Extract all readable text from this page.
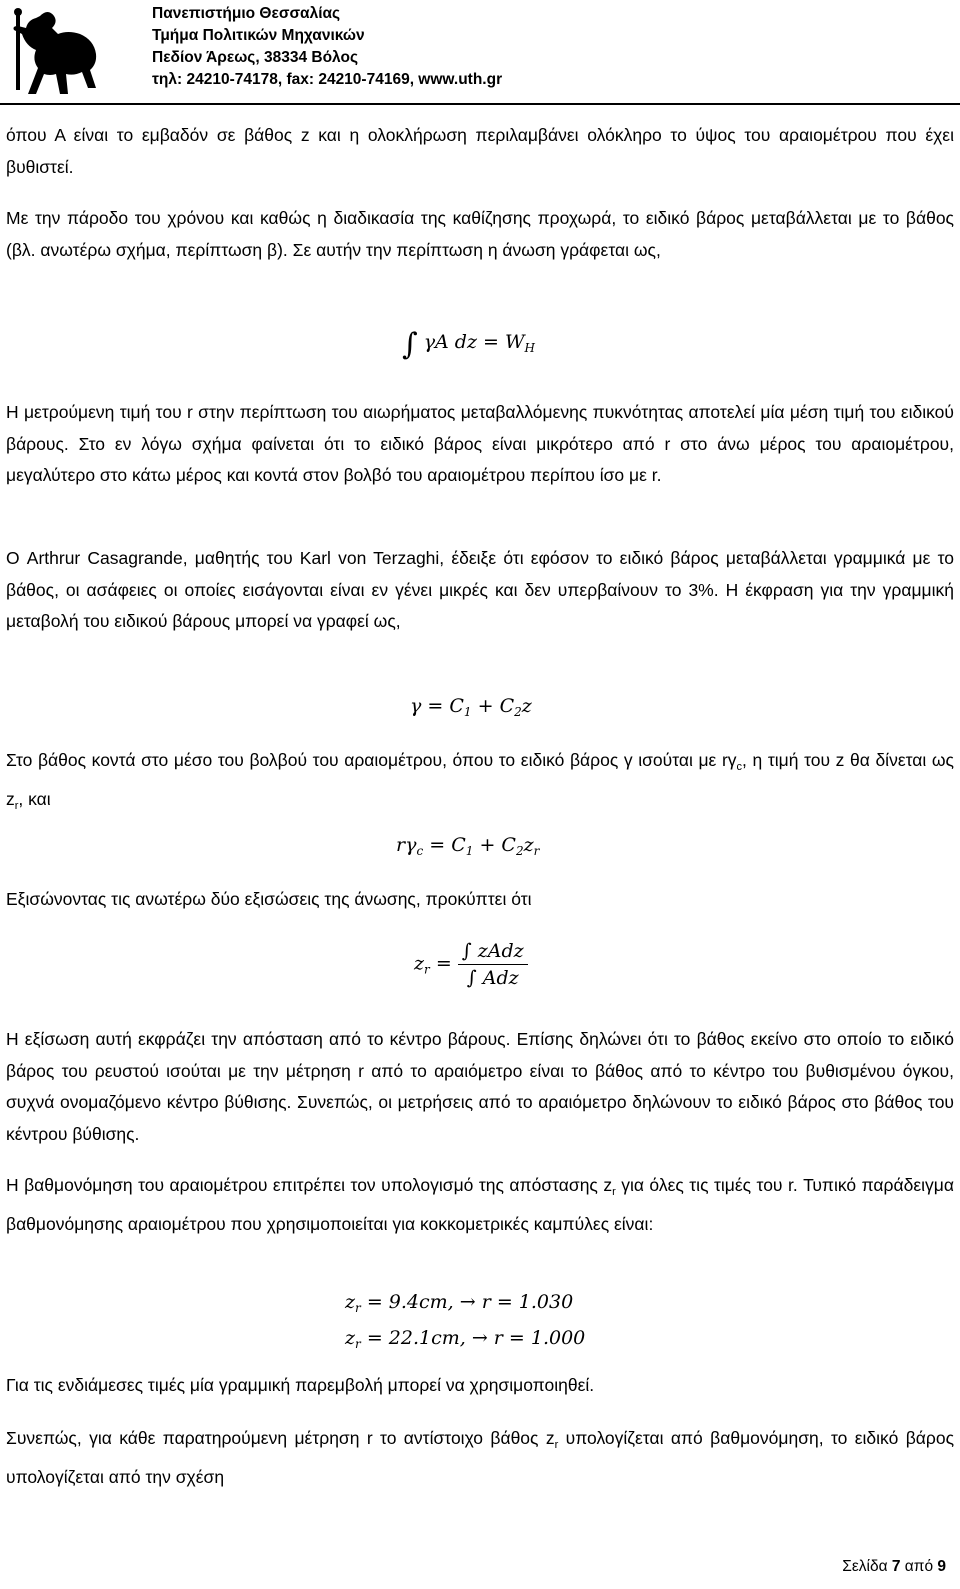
Πανεπιστήμιο Θεσσαλίας
Τμήμα Πολιτικών Μηχανικών
Πεδίον Άρεως, 38334 Βόλος
τηλ: 24210-74178, fax: 24210-74169, www.uth.gr
όπου Α είναι το εμβαδόν σε βάθος z και η ολοκλήρωση περιλαμβάνει ολόκληρο το ύψος του αραιομέτρου που έχει βυθιστεί.
Με την πάροδο του χρόνου και καθώς η διαδικασία της καθίζησης προχωρά, το ειδικό βάρος μεταβάλλεται με το βάθος (βλ. ανωτέρω σχήμα, περίπτωση β). Σε αυτήν την περίπτωση η άνωση γράφεται ως,
∫ γA dz = $W_H$
Η μετρούμενη τιμή του r στην περίπτωση του αιωρήματος μεταβαλλόμενης πυκνότητας αποτελεί μία μέση τιμή του ειδικού βάρους. Στο εν λόγω σχήμα φαίνεται ότι το ειδικό βάρος είναι μικρότερο από r στο άνω μέρος του αραιομέτρου, μεγαλύτερο στο κάτω μέρος και κοντά στον βολβό του αραιομέτρου περίπου ίσο με r.
Ο Arthrur Casagrande, μαθητής του Karl von Terzaghi, έδειξε ότι εφόσον το ειδικό βάρος μεταβάλλεται γραμμικά με το βάθος, οι ασάφειες οι οποίες εισάγονται είναι εν γένει μικρές και δεν υπερβαίνουν το 3%. Η έκφραση για την γραμμική μεταβολή του ειδικού βάρους μπορεί να γραφεί ως,
$\gamma = C_1 + C_2z$
Στο βάθος κοντά στο μέσο του βολβού του αραιομέτρου, όπου το ειδικό βάρος γ ισούται με $r\gamma_c$, η τιμή του z θα δίνεται ως $z_r$, και
$r\gamma_c = C_1 + C_2z_r$
Εξισώνοντας τις ανωτέρω δύο εξισώσεις της άνωσης, προκύπτει ότι
$z_r = \frac{\text{∫ zAdz}}{\text{∫ Adz}}$
Η εξίσωση αυτή εκφράζει την απόσταση από το κέντρο βάρους. Επίσης δηλώνει ότι το βάθος εκείνο στο οποίο το ειδικό βάρος του ρευστού ισούται με την μέτρηση r από το αραιόμετρο είναι το βάθος από το κέντρο του βυθισμένου όγκου, συχνά ονομαζόμενο κέντρο βύθισης. Συνεπώς, οι μετρήσεις από το αραιόμετρο δηλώνουν το ειδικό βάρος στο βάθος του κέντρου βύθισης.
Η βαθμονόμηση του αραιομέτρου επιτρέπει τον υπολογισμό της απόστασης $z_r$ για όλες τις τιμές του r. Τυπικό παράδειγμα βαθμονόμησης αραιομέτρου που χρησιμοποιείται για κοκκομετρικές καμπύλες είναι:
$z_r = 9.4cm$, → r = 1.030
$z_r = 22.1cm$, → r = 1.000
Για τις ενδιάμεσες τιμές μία γραμμική παρεμβολή μπορεί να χρησιμοποιηθεί.
Συνεπώς, για κάθε παρατηρούμενη μέτρηση r το αντίστοιχο βάθος $z_r$ υπολογίζεται από βαθμονόμηση, το ειδικό βάρος υπολογίζεται από την σχέση
Σελίδα 7 από 9
